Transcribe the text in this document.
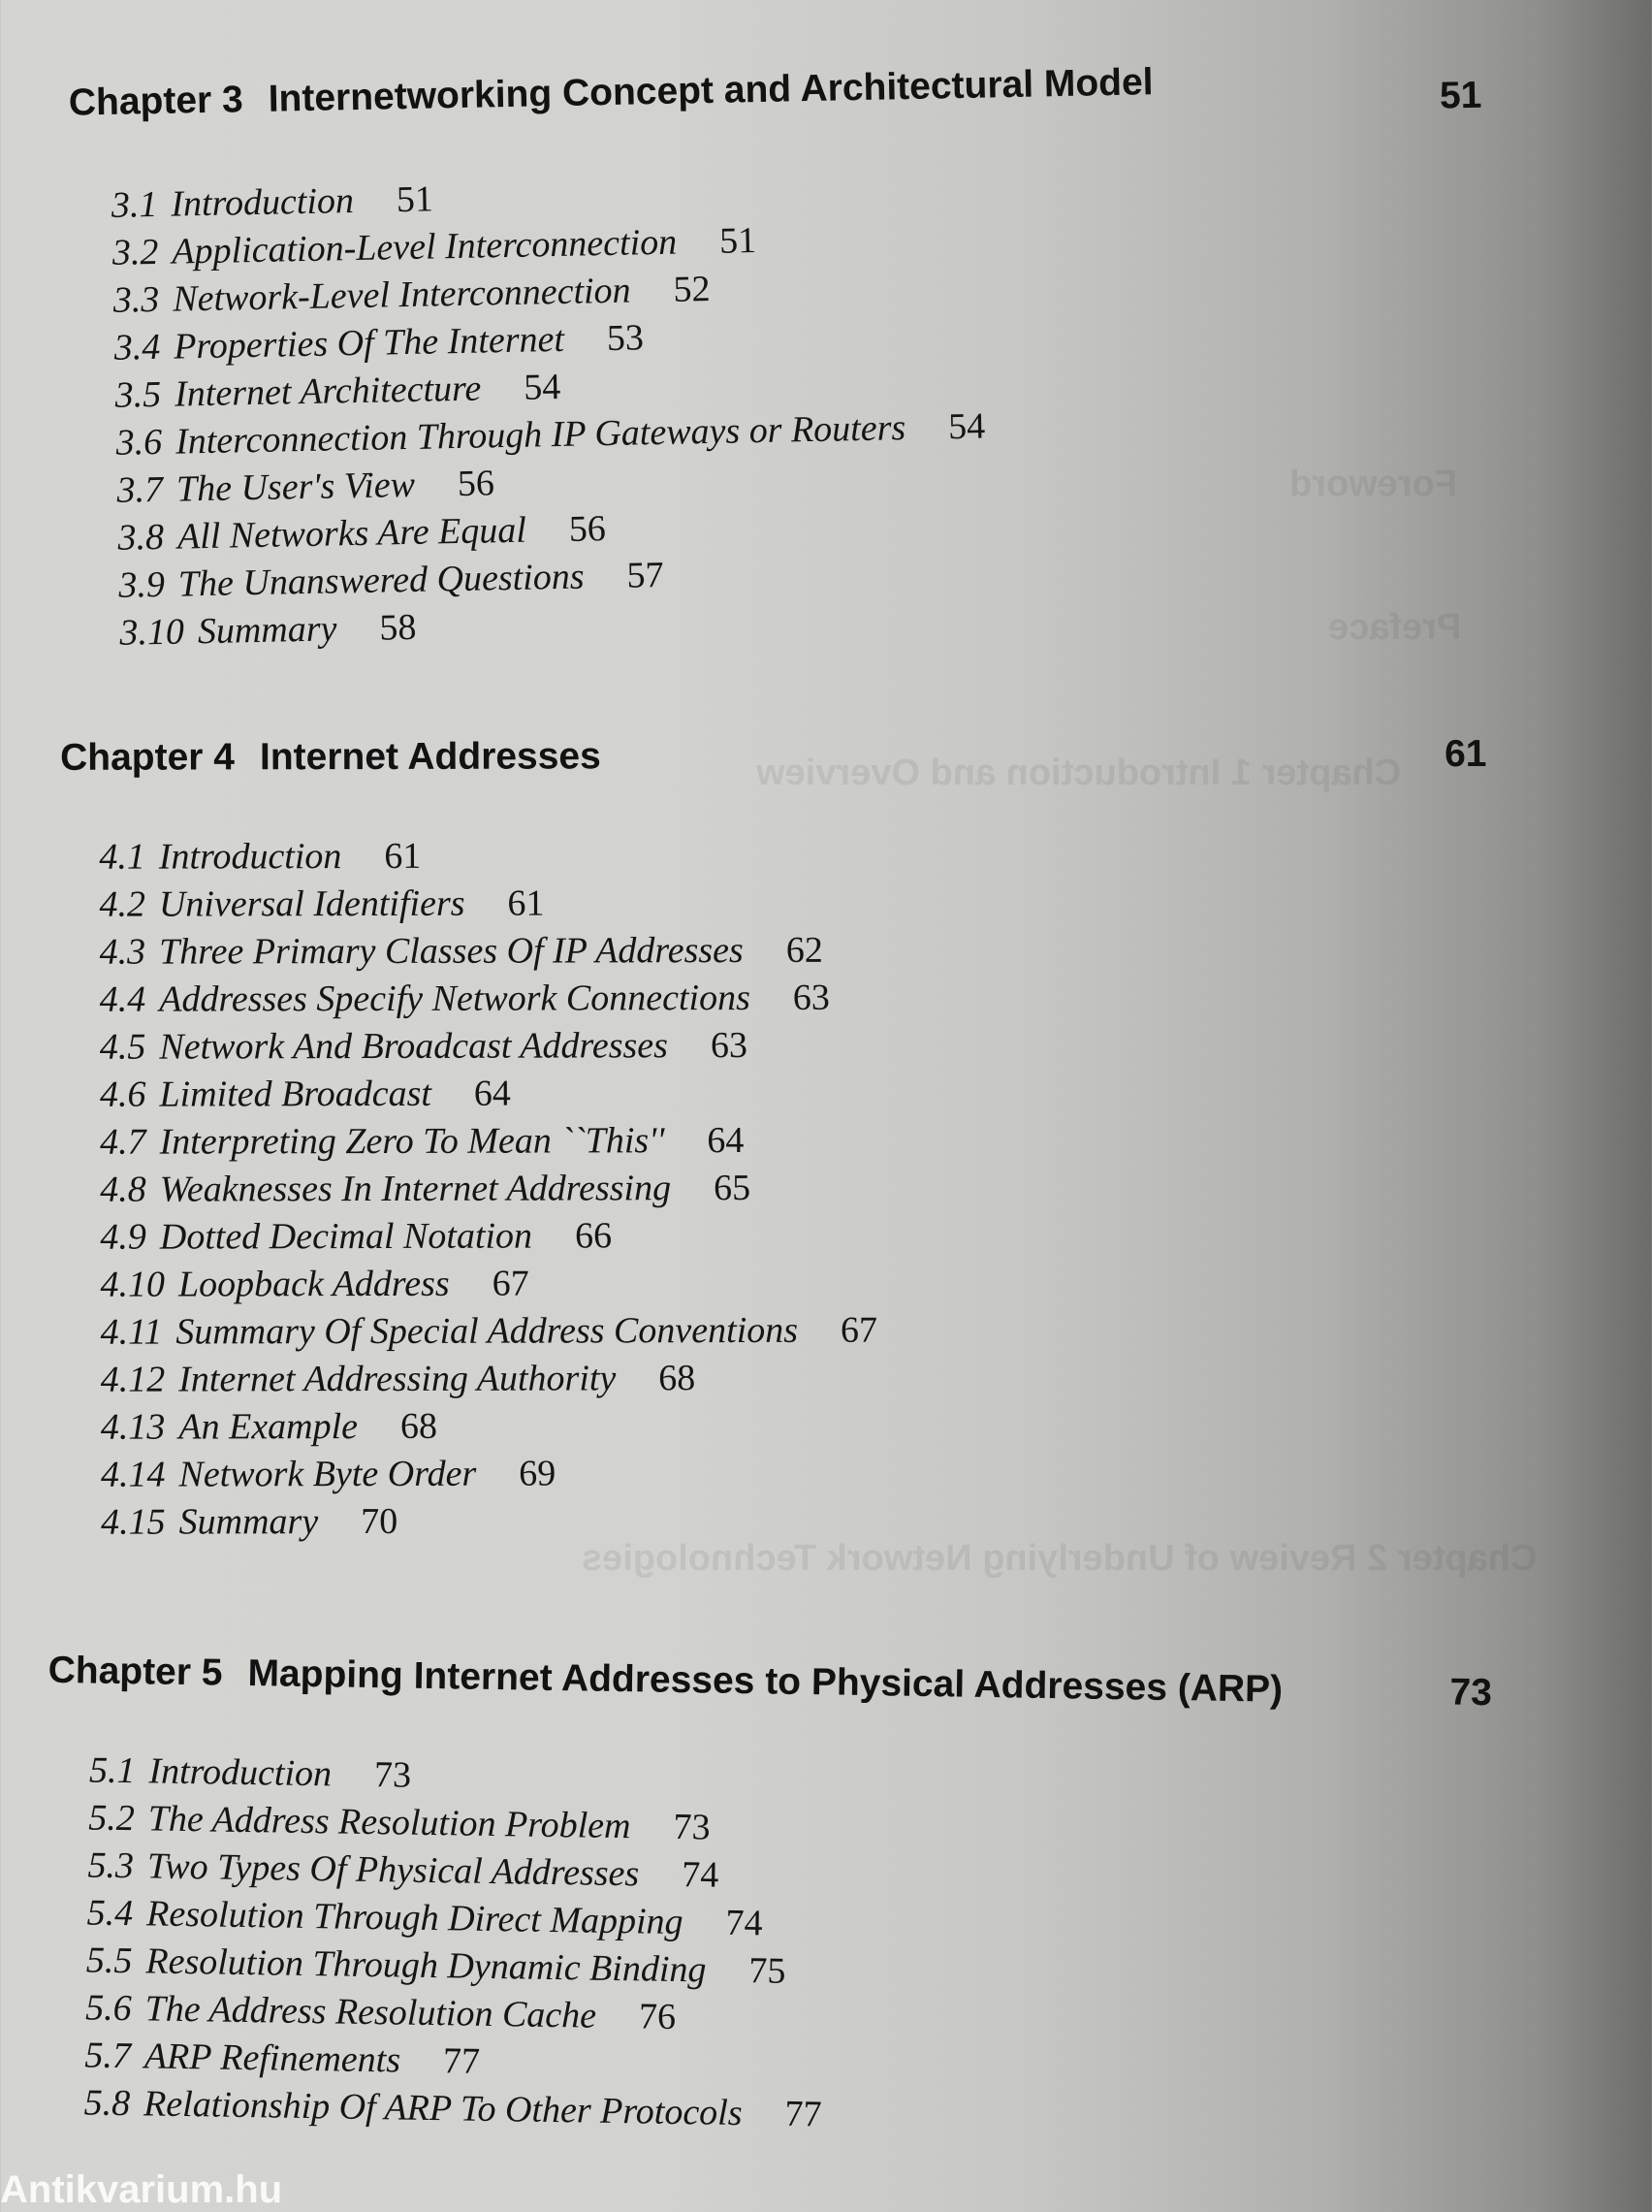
Foreword
Preface
Chapter 1 Introduction and Overview
Chapter 2 Review of Underlying Network Technologies
Chapter 3 Internetworking Concept and Architectural Model	51
3.1 Introduction 51
3.2 Application-Level Interconnection 51
3.3 Network-Level Interconnection 52
3.4 Properties Of The Internet 53
3.5 Internet Architecture 54
3.6 Interconnection Through IP Gateways or Routers 54
3.7 The User's View 56
3.8 All Networks Are Equal 56
3.9 The Unanswered Questions 57
3.10 Summary 58
Chapter 4 Internet Addresses	61
4.1 Introduction 61
4.2 Universal Identifiers 61
4.3 Three Primary Classes Of IP Addresses 62
4.4 Addresses Specify Network Connections 63
4.5 Network And Broadcast Addresses 63
4.6 Limited Broadcast 64
4.7 Interpreting Zero To Mean ``This'' 64
4.8 Weaknesses In Internet Addressing 65
4.9 Dotted Decimal Notation 66
4.10 Loopback Address 67
4.11 Summary Of Special Address Conventions 67
4.12 Internet Addressing Authority 68
4.13 An Example 68
4.14 Network Byte Order 69
4.15 Summary 70
Chapter 5 Mapping Internet Addresses to Physical Addresses (ARP)	73
5.1 Introduction 73
5.2 The Address Resolution Problem 73
5.3 Two Types Of Physical Addresses 74
5.4 Resolution Through Direct Mapping 74
5.5 Resolution Through Dynamic Binding 75
5.6 The Address Resolution Cache 76
5.7 ARP Refinements 77
5.8 Relationship Of ARP To Other Protocols 77
Antikvarium.hu
